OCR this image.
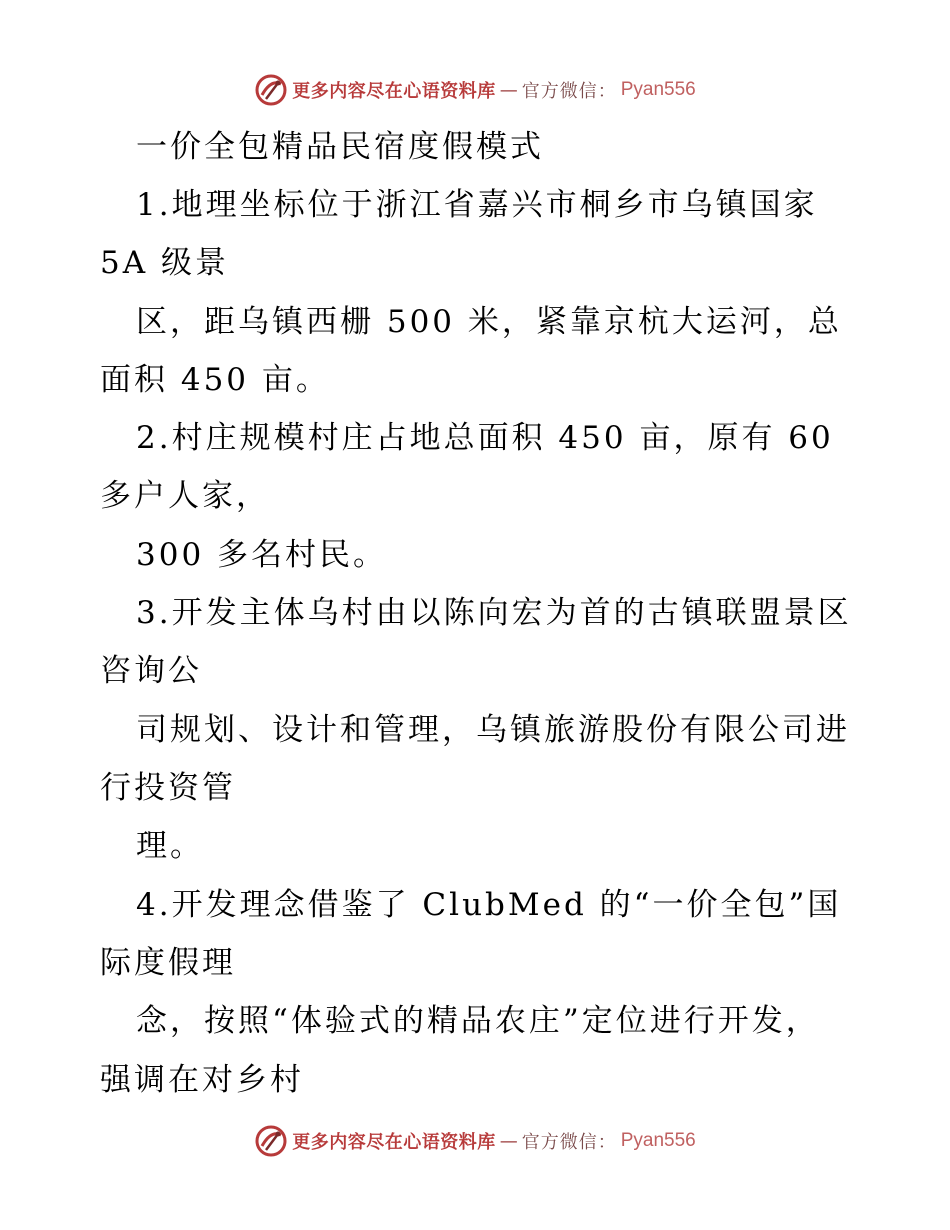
更多内容尽在心语资料库 — 官方微信： Pyan556
一价全包精品民宿度假模式
1.地理坐标位于浙江省嘉兴市桐乡市乌镇国家
5A 级景
区，距乌镇西栅 500 米，紧靠京杭大运河，总
面积 450 亩。
2.村庄规模村庄占地总面积 450 亩，原有 60
多户人家，
300 多名村民。
3.开发主体乌村由以陈向宏为首的古镇联盟景区
咨询公
司规划、设计和管理，乌镇旅游股份有限公司进
行投资管
理。
4.开发理念借鉴了 ClubMed 的“一价全包”国
际度假理
念，按照“体验式的精品农庄”定位进行开发，
强调在对乡村
更多内容尽在心语资料库 — 官方微信： Pyan556
